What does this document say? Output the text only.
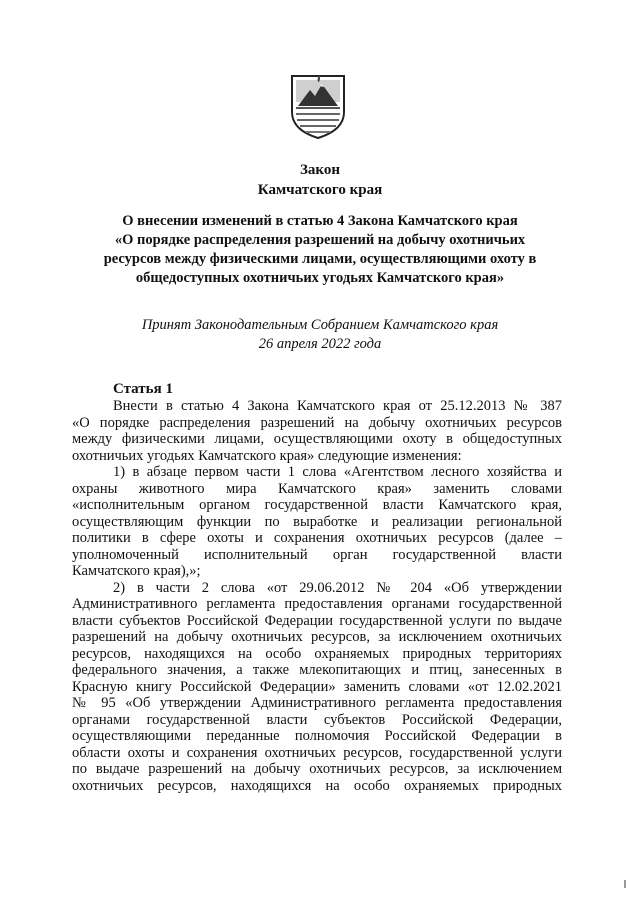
Закон
Камчатского края
О внесении изменений в статью 4 Закона Камчатского края
«О порядке распределения разрешений на добычу охотничьих
ресурсов между физическими лицами, осуществляющими охоту в
общедоступных охотничьих угодьях Камчатского края»
Принят Законодательным Собранием Камчатского края
26 апреля 2022 года
Статья 1
Внести в статью 4 Закона Камчатского края от 25.12.2013 № 387
«О порядке распределения разрешений на добычу охотничьих ресурсов
между физическими лицами, осуществляющими охоту в общедоступных
охотничьих угодьях Камчатского края» следующие изменения:
1) в абзаце первом части 1 слова «Агентством лесного хозяйства и
охраны животного мира Камчатского края» заменить словами
«исполнительным органом государственной власти Камчатского края,
осуществляющим функции по выработке и реализации региональной
политики в сфере охоты и сохранения охотничьих ресурсов (далее –
уполномоченный исполнительный орган государственной власти
Камчатского края),»;
2) в части 2 слова «от 29.06.2012 № 204 «Об утверждении
Административного регламента предоставления органами государственной
власти субъектов Российской Федерации государственной услуги по выдаче
разрешений на добычу охотничьих ресурсов, за исключением охотничьих
ресурсов, находящихся на особо охраняемых природных территориях
федерального значения, а также млекопитающих и птиц, занесенных в
Красную книгу Российской Федерации» заменить словами «от 12.02.2021
№ 95 «Об утверждении Административного регламента предоставления
органами государственной власти субъектов Российской Федерации,
осуществляющими переданные полномочия Российской Федерации в
области охоты и сохранения охотничьих ресурсов, государственной услуги
по выдаче разрешений на добычу охотничьих ресурсов, за исключением
охотничьих ресурсов, находящихся на особо охраняемых природных
